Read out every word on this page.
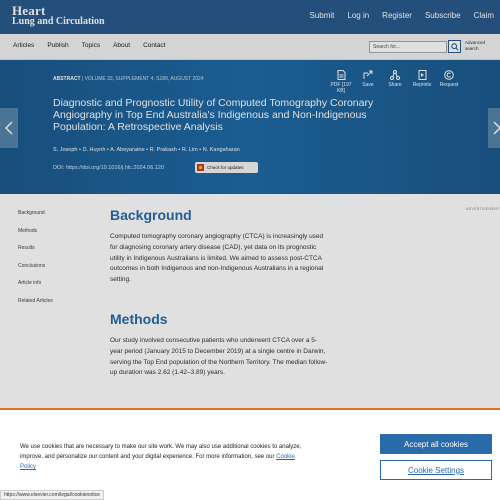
Heart
Lung and Circulation
Submit Log in Register Subscribe Claim
Articles Publish Topics About Contact	Search for...
Advanced search
ABSTRACT | VOLUME 33, SUPPLEMENT 4, S180, AUGUST 2024
Diagnostic and Prognostic Utility of Computed Tomography Coronary Angiography in Top End Australia's Indigenous and Non-Indigenous Population: A Retrospective Analysis
S. Joseph • D. Huynh • A. Abeyaratne • R. Prakash • R. Lim • N. Kangaharan
DOI: https://doi.org/10.1016/j.hlc.2024.06.120	Check for updates
PDF [197 KB]
Save	Share	Reprints	Request
Background
Methods
Results
Conclusions
Article info
Related Articles
ADVERTISEMENT
Background
Computed tomography coronary angiography (CTCA) is increasingly used for diagnosing coronary artery disease (CAD), yet data on its prognostic utility in Indigenous Australians is limited. We aimed to assess post-CTCA outcomes in both Indigenous and non-Indigenous Australians in a regional setting.
Methods
Our study involved consecutive patients who underwent CTCA over a 5-year period (January 2015 to December 2019) at a single centre in Darwin, serving the Top End population of the Northern Territory. The median follow-up duration was 2.62 (1.42–3.89) years.
We use cookies that are necessary to make our site work. We may also use additional cookies to analyze, improve, and personalize our content and your digital experience. For more information, see our Cookie Policy
Accept all cookies
Cookie Settings
https://www.elsevier.com/legal/cookienotice
